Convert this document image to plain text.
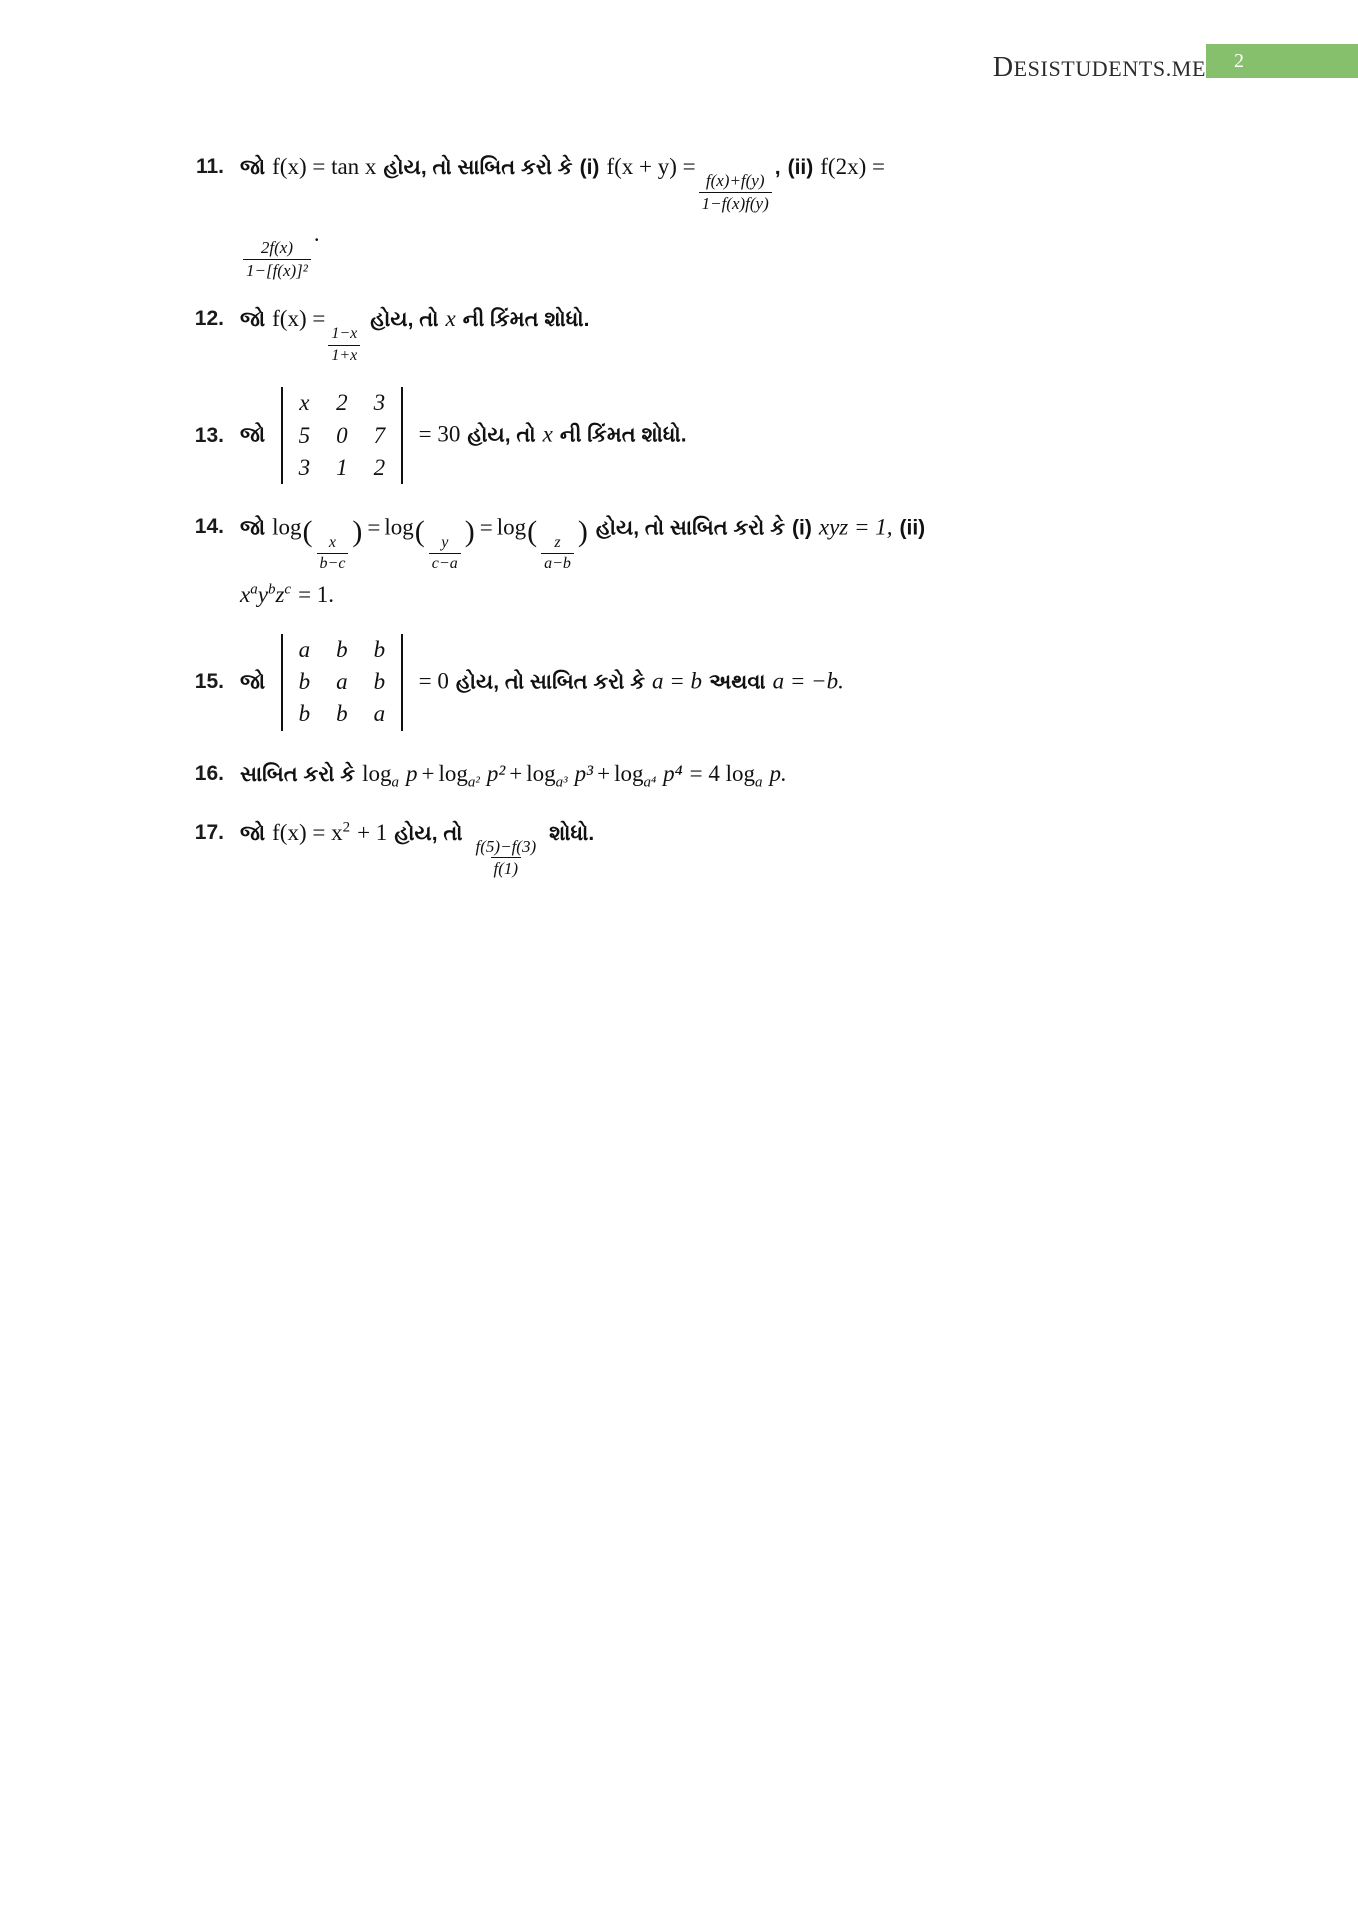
DESISTUDENTS.ME 2
11. જો f(x) = tan x હોય, તો સાબિત કરો કે (i) f(x + y) =
$\frac{f(x)+f(y)}{1-f(x)f(y)}$
, (ii) f(2x) =
$\frac{2f(x)}{\text{1−[f(x)]²}}$
.
12. જો f(x) =
$\frac{1-x}{1+x}$
હોય, તો x ની કિંમત શોધો.
13. જો
x	2	3
5	0	7
3	1	2
= 30 હોય, તો x ની કિંમત શોધો.
14. જો log(
$\frac{x}{b-c}$
) = log(
$\frac{y}{c-a}$
) = log(
$\frac{z}{a-b}$
) હોય, તો સાબિત કરો કે (i) xyz = 1, (ii)
$x^ay^bz^c = 1$.
15. જો
a	b	b
b	a	b
b	b	a
= 0 હોય, તો સાબિત કરો કે a = b અથવા a = −b.
16. સાબિત કરો કે $\log_a p + \log_{a^2} p^2 + \log_{a^3} p^3 + \log_{a^4} p^4 = 4$ $\log_a p$.
17. જો $f(x) = x^2 + 1$ હોય, તો
$\frac{f(5)-f(3)}{f(1)}$
શોધો.
